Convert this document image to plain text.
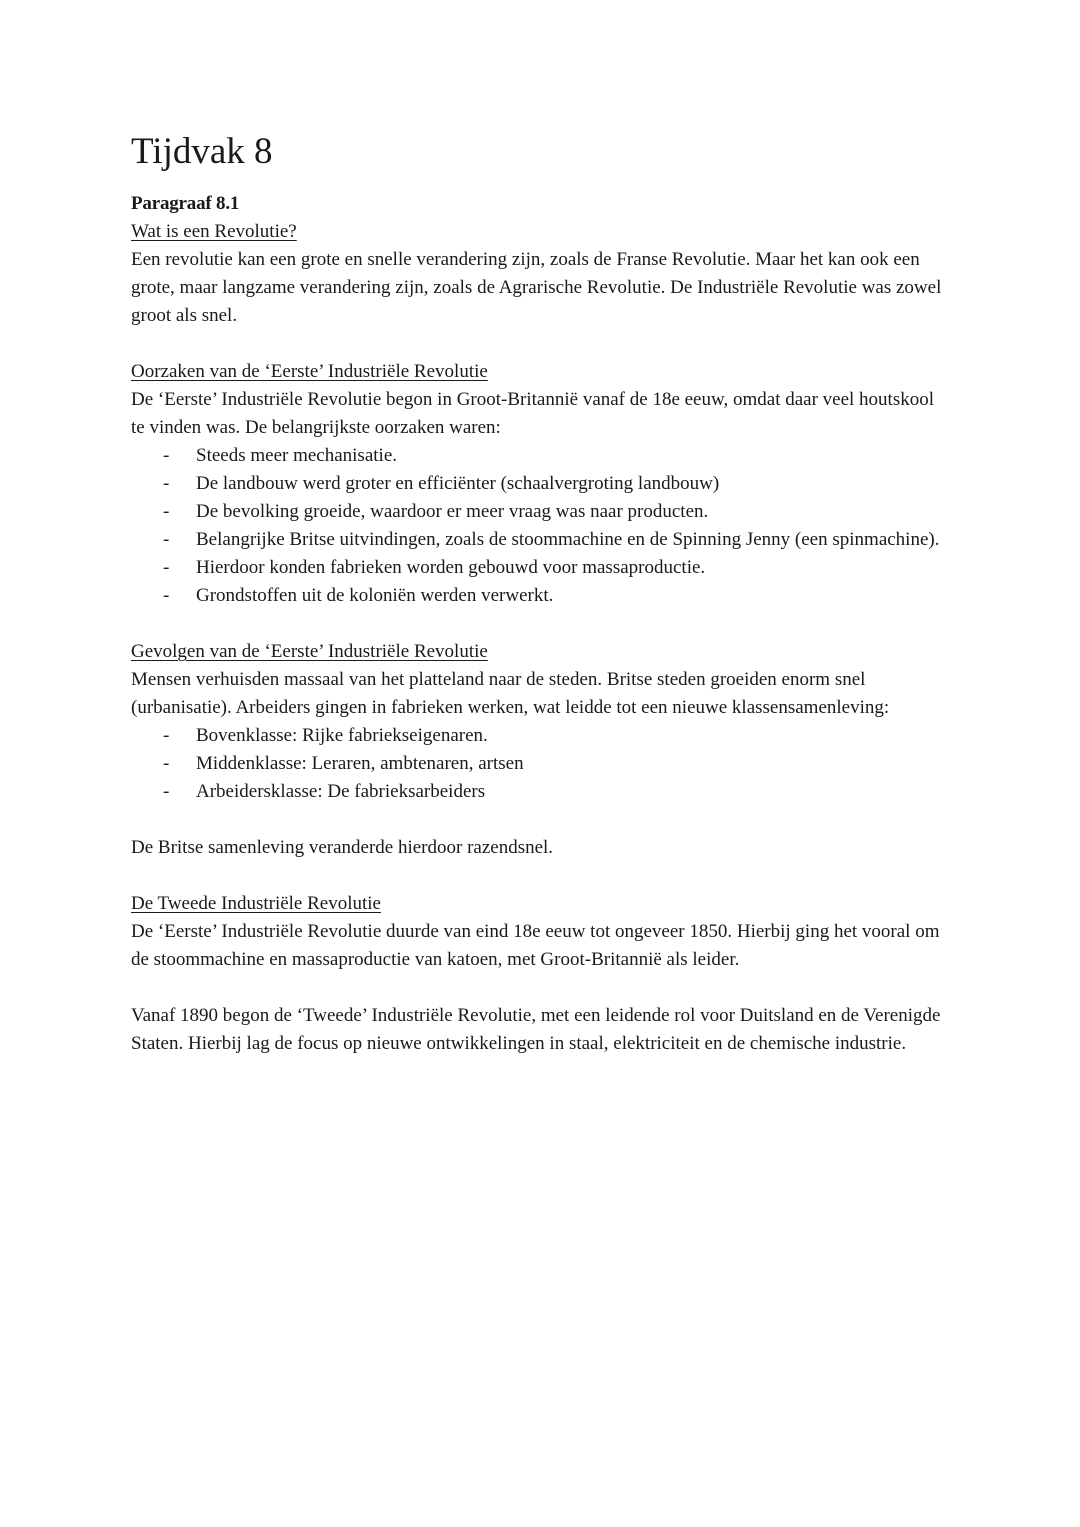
Tijdvak 8
Paragraaf 8.1
Wat is een Revolutie?

Een revolutie kan een grote en snelle verandering zijn, zoals de Franse Revolutie. Maar het kan ook een grote, maar langzame verandering zijn, zoals de Agrarische Revolutie. De Industriële Revolutie was zowel groot als snel.

Oorzaken van de ‘Eerste’ Industriële Revolutie

De ‘Eerste’ Industriële Revolutie begon in Groot-Britannië vanaf de 18e eeuw, omdat daar veel houtskool te vinden was. De belangrijkste oorzaken waren:

- Steeds meer mechanisatie.
- De landbouw werd groter en efficiënter (schaalvergroting landbouw)
- De bevolking groeide, waardoor er meer vraag was naar producten.
- Belangrijke Britse uitvindingen, zoals de stoommachine en de Spinning Jenny (een spinmachine).
- Hierdoor konden fabrieken worden gebouwd voor massaproductie.
- Grondstoffen uit de koloniën werden verwerkt.
Gevolgen van de ‘Eerste’ Industriële Revolutie

Mensen verhuisden massaal van het platteland naar de steden. Britse steden groeiden enorm snel (urbanisatie). Arbeiders gingen in fabrieken werken, wat leidde tot een nieuwe klassensamenleving:

- Bovenklasse: Rijke fabriekseigenaren.
- Middenklasse: Leraren, ambtenaren, artsen
- Arbeidersklasse: De fabrieksarbeiders

De Britse samenleving veranderde hierdoor razendsnel.

De Tweede Industriële Revolutie

De ‘Eerste’ Industriële Revolutie duurde van eind 18e eeuw tot ongeveer 1850. Hierbij ging het vooral om de stoommachine en massaproductie van katoen, met Groot-Britannië als leider.

Vanaf 1890 begon de ‘Tweede’ Industriële Revolutie, met een leidende rol voor Duitsland en de Verenigde Staten. Hierbij lag de focus op nieuwe ontwikkelingen in staal, elektriciteit en de chemische industrie.
